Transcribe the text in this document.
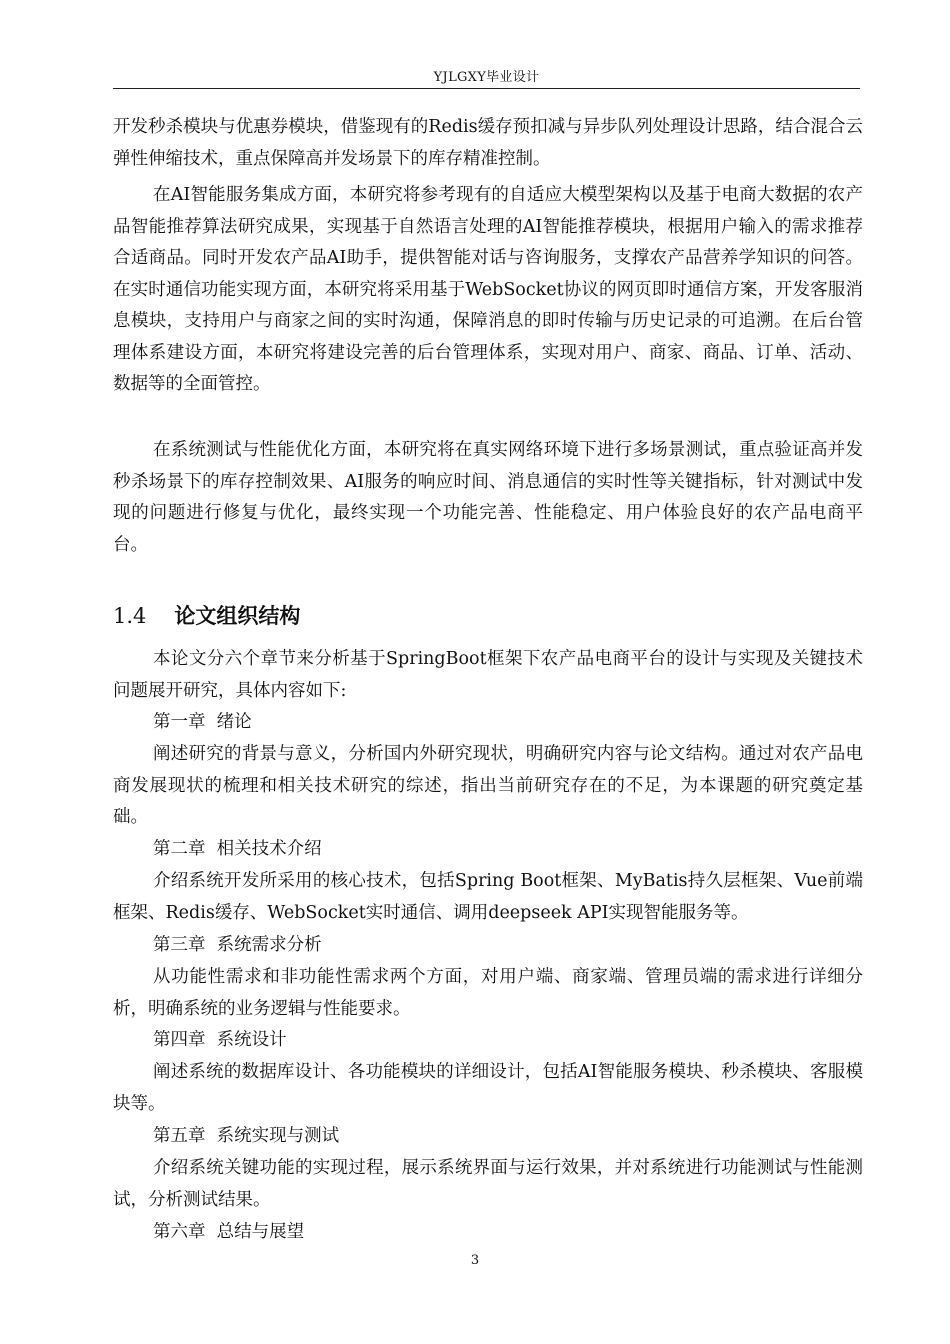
YJLGXY毕业设计

开发秒杀模块与优惠券模块，借鉴现有的Redis缓存预扣减与异步队列处理设计思路，结合混合云弹性伸缩技术，重点保障高并发场景下的库存精准控制。

在AI智能服务集成方面，本研究将参考现有的自适应大模型架构以及基于电商大数据的农产品智能推荐算法研究成果，实现基于自然语言处理的AI智能推荐模块，根据用户输入的需求推荐合适商品。同时开发农产品AI助手，提供智能对话与咨询服务，支撑农产品营养学知识的问答。在实时通信功能实现方面，本研究将采用基于WebSocket协议的网页即时通信方案，开发客服消息模块，支持用户与商家之间的实时沟通，保障消息的即时传输与历史记录的可追溯。在后台管理体系建设方面，本研究将建设完善的后台管理体系，实现对用户、商家、商品、订单、活动、数据等的全面管控。

在系统测试与性能优化方面，本研究将在真实网络环境下进行多场景测试，重点验证高并发秒杀场景下的库存控制效果、AI服务的响应时间、消息通信的实时性等关键指标，针对测试中发现的问题进行修复与优化，最终实现一个功能完善、性能稳定、用户体验良好的农产品电商平台。

1.4 论文组织结构

本论文分六个章节来分析基于SpringBoot框架下农产品电商平台的设计与实现及关键技术问题展开研究，具体内容如下:

第一章  绪论

阐述研究的背景与意义，分析国内外研究现状，明确研究内容与论文结构。通过对农产品电商发展现状的梳理和相关技术研究的综述，指出当前研究存在的不足，为本课题的研究奠定基础。

第二章  相关技术介绍

介绍系统开发所采用的核心技术，包括Spring Boot框架、MyBatis持久层框架、Vue前端框架、Redis缓存、WebSocket实时通信、调用deepseek API实现智能服务等。

第三章  系统需求分析

从功能性需求和非功能性需求两个方面，对用户端、商家端、管理员端的需求进行详细分析，明确系统的业务逻辑与性能要求。

第四章  系统设计

阐述系统的数据库设计、各功能模块的详细设计，包括AI智能服务模块、秒杀模块、客服模块等。

第五章  系统实现与测试

介绍系统关键功能的实现过程，展示系统界面与运行效果，并对系统进行功能测试与性能测试，分析测试结果。

第六章  总结与展望
3
